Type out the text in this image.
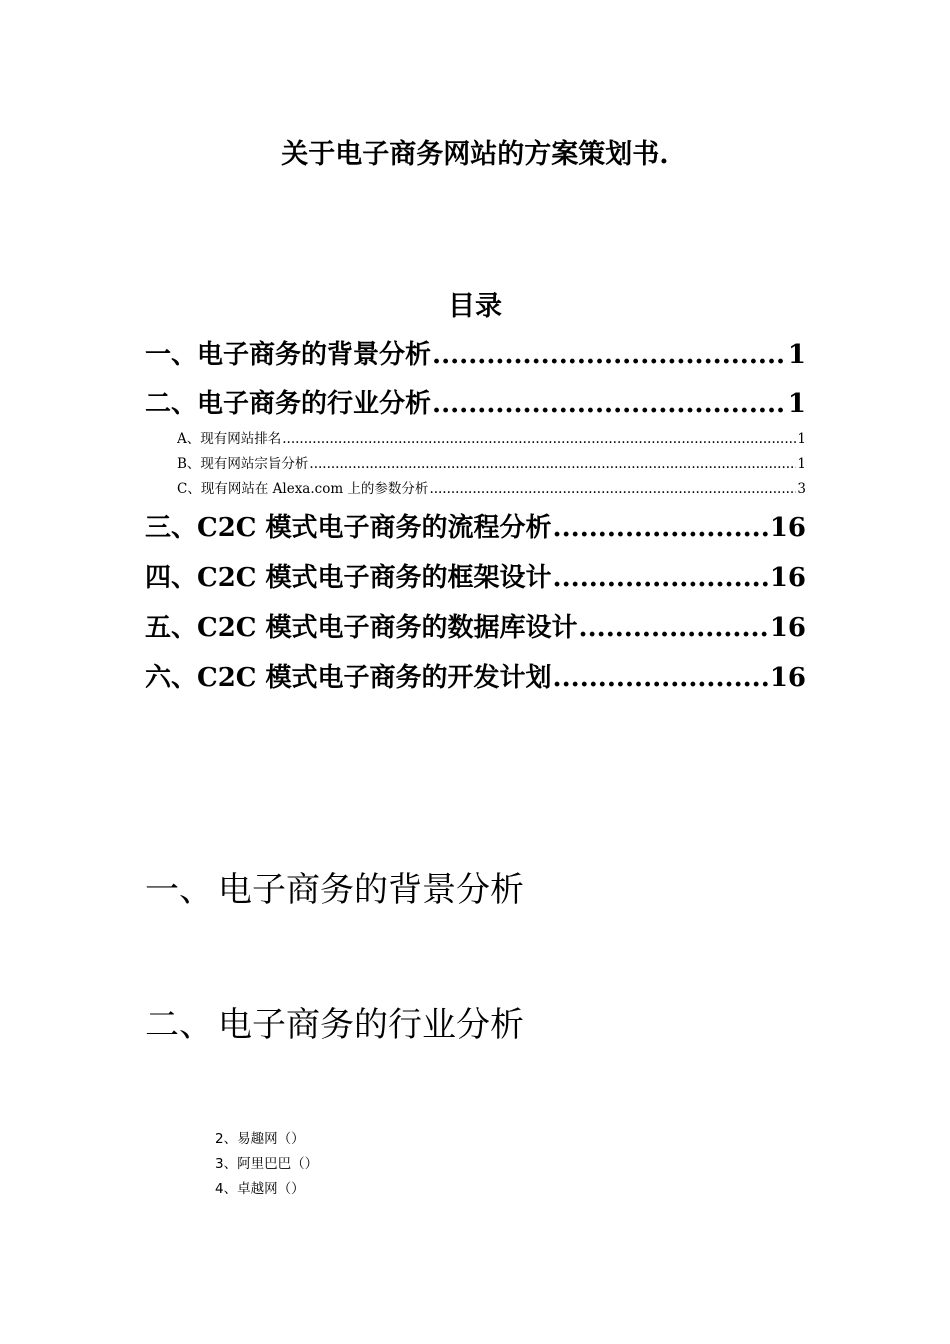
关于电子商务网站的方案策划书.
目录
一、 电子商务的背景分析 .....	1
二、 电子商务的行业分析 .....	1
A、 现有网站排名 .....	1
B、 现有网站宗旨分析 .....	1
C、 现有网站在 Alexa.com 上的参数分析 .....	3
三、 C2C 模式电子商务的流程分析 .....	16
四、 C2C 模式电子商务的框架设计 .....	16
五、 C2C 模式电子商务的数据库设计 .....	16
六、 C2C 模式电子商务的开发计划 .....	16
一、 电子商务的背景分析
二、 电子商务的行业分析
2、易趣网（）
3、阿里巴巴（）
4、卓越网（）
